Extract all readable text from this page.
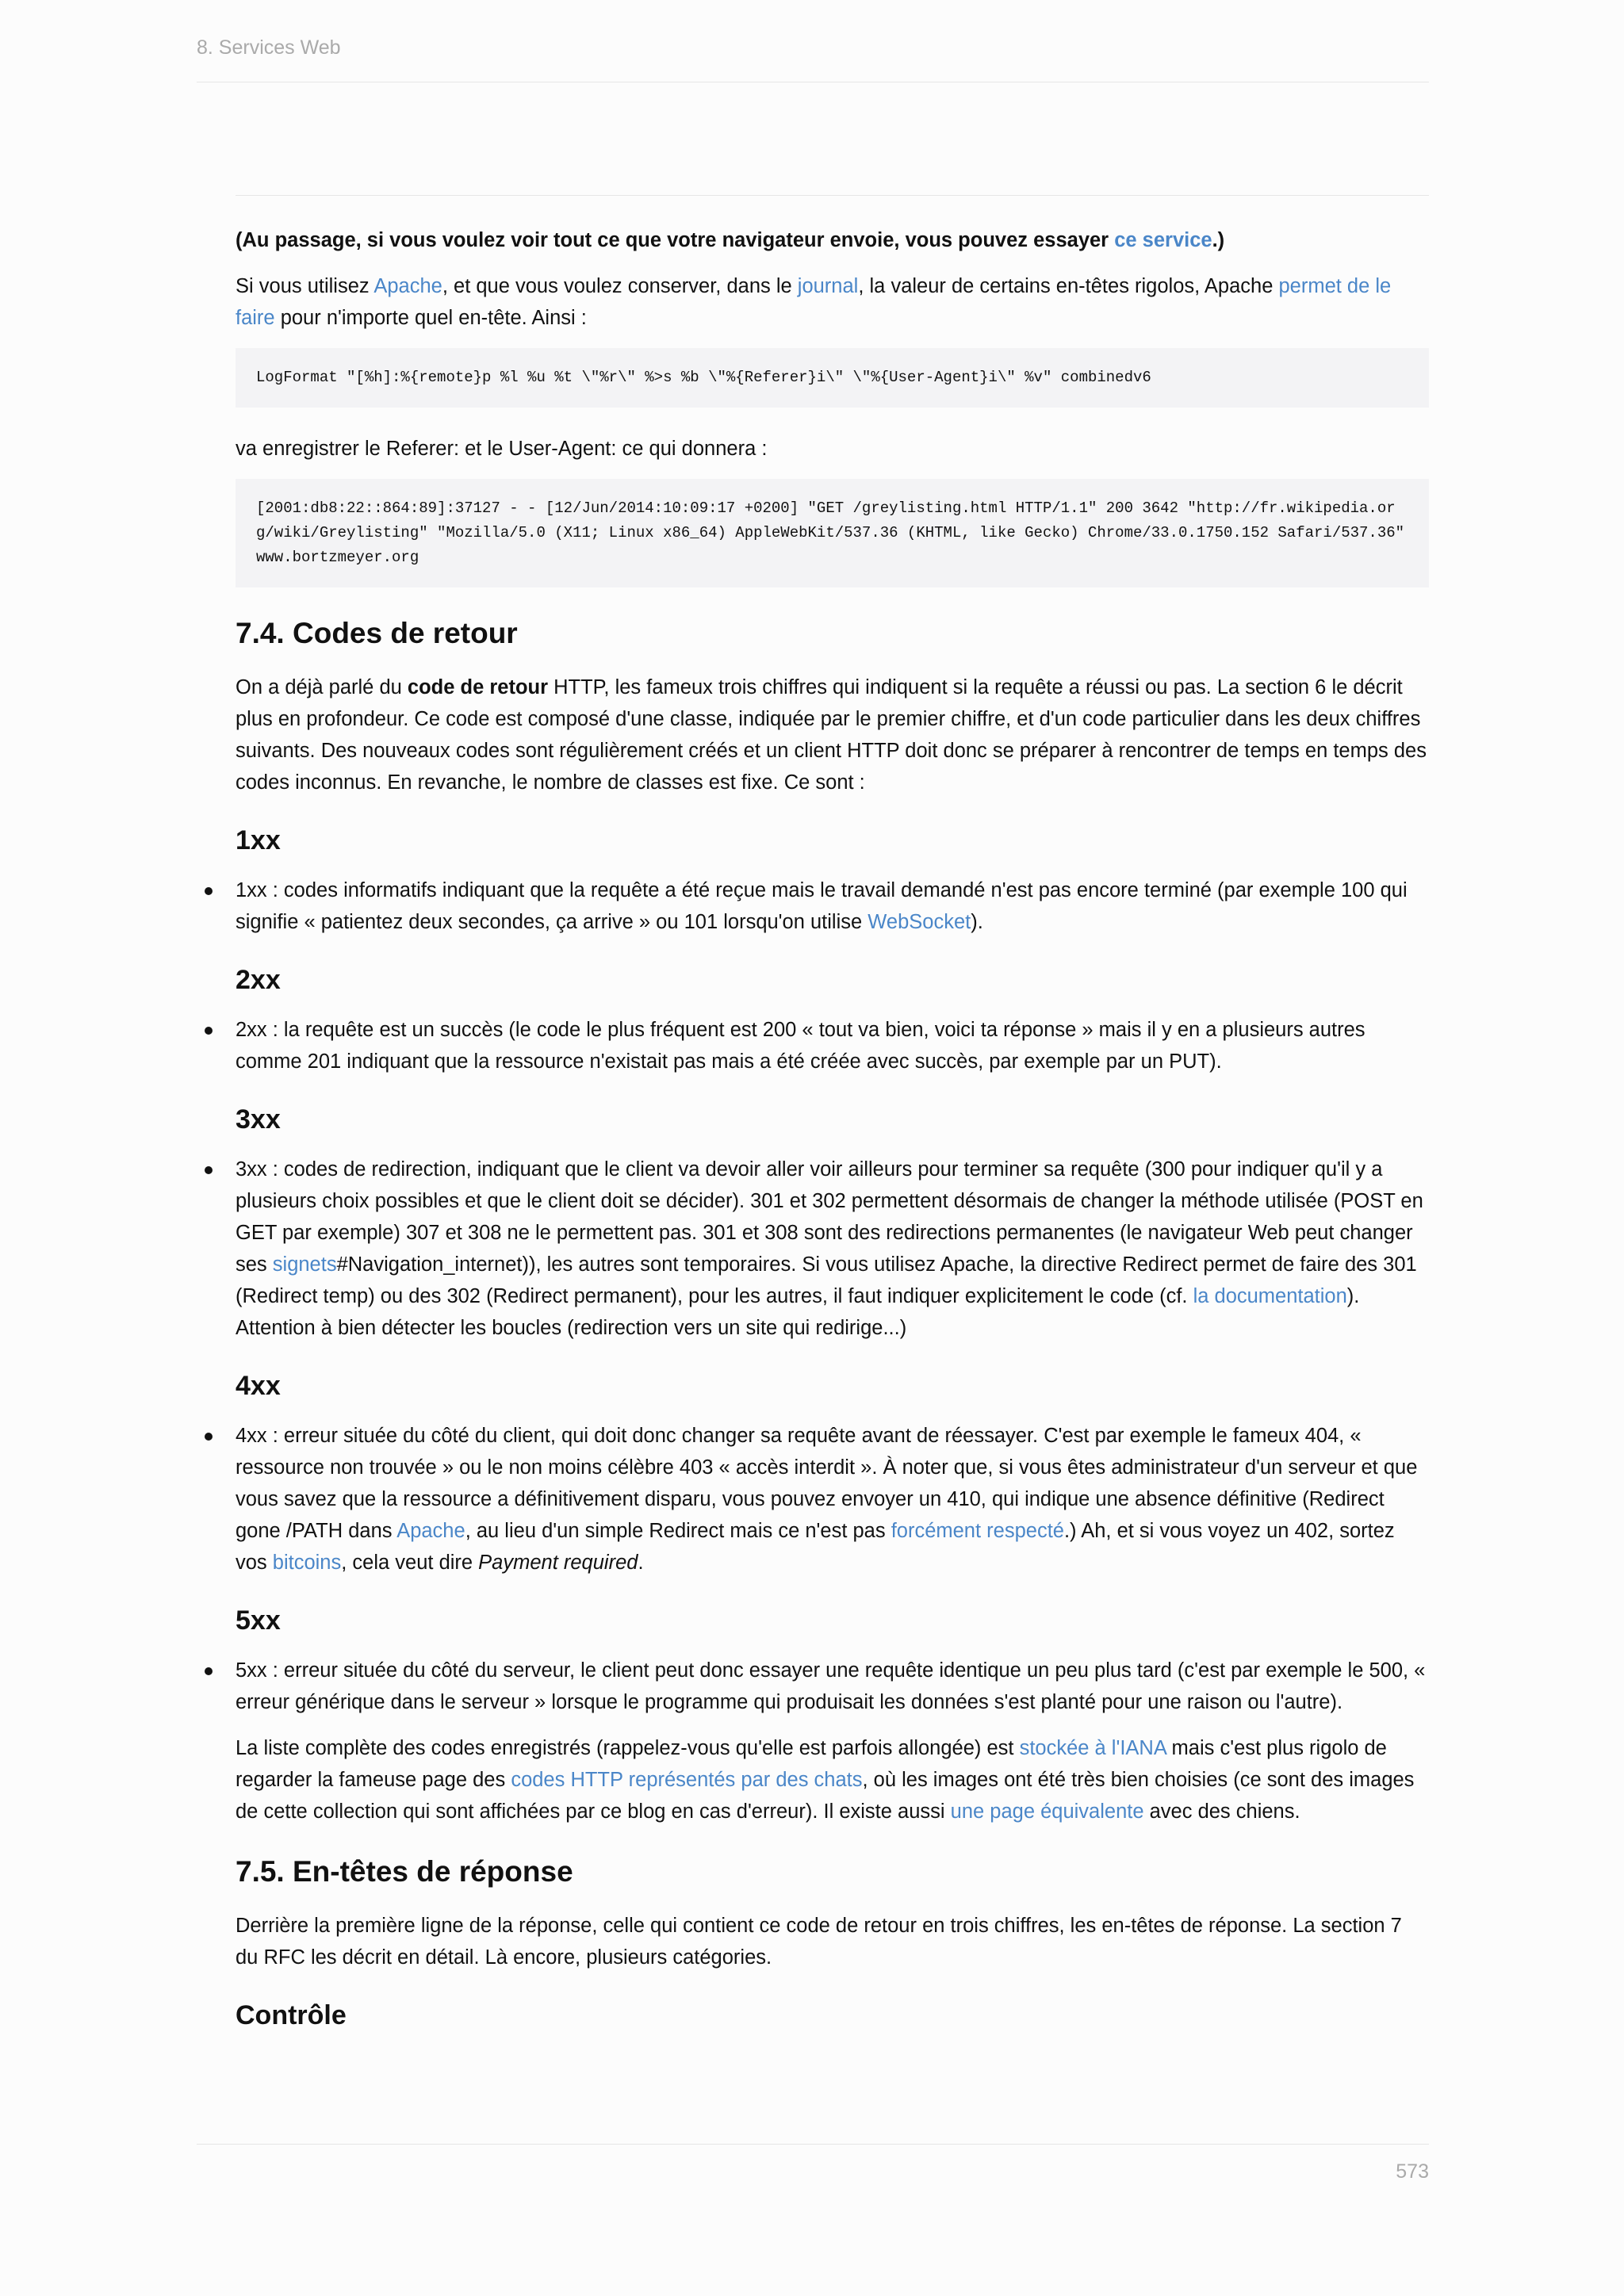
8. Services Web

(Au passage, si vous voulez voir tout ce que votre navigateur envoie, vous pouvez essayer ce service.)

Si vous utilisez Apache, et que vous voulez conserver, dans le journal, la valeur de certains en-têtes rigolos, Apache permet de le faire pour n'importe quel en-tête. Ainsi :

LogFormat "[%h]:%{remote}p %l %u %t \"%r\" %>s %b \"%{Referer}i\" \"%{User-Agent}i\" %v" combinedv6

va enregistrer le Referer: et le User-Agent: ce qui donnera :

[2001:db8:22::864:89]:37127 - - [12/Jun/2014:10:09:17 +0200] "GET /greylisting.html HTTP/1.1" 200 3642 "http://fr.wikipedia.org/wiki/Greylisting" "Mozilla/5.0 (X11; Linux x86_64) AppleWebKit/537.36 (KHTML, like Gecko) Chrome/33.0.1750.152 Safari/537.36" www.bortzmeyer.org
7.4. Codes de retour

On a déjà parlé du code de retour HTTP, les fameux trois chiffres qui indiquent si la requête a réussi ou pas. La section 6 le décrit plus en profondeur. Ce code est composé d'une classe, indiquée par le premier chiffre, et d'un code particulier dans les deux chiffres suivants. Des nouveaux codes sont régulièrement créés et un client HTTP doit donc se préparer à rencontrer de temps en temps des codes inconnus. En revanche, le nombre de classes est fixe. Ce sont :

1xx
1xx : codes informatifs indiquant que la requête a été reçue mais le travail demandé n'est pas encore terminé (par exemple 100 qui signifie « patientez deux secondes, ça arrive » ou 101 lorsqu'on utilise WebSocket).
2xx
2xx : la requête est un succès (le code le plus fréquent est 200 « tout va bien, voici ta réponse » mais il y en a plusieurs autres comme 201 indiquant que la ressource n'existait pas mais a été créée avec succès, par exemple par un PUT).
3xx
3xx : codes de redirection, indiquant que le client va devoir aller voir ailleurs pour terminer sa requête (300 pour indiquer qu'il y a plusieurs choix possibles et que le client doit se décider). 301 et 302 permettent désormais de changer la méthode utilisée (POST en GET par exemple) 307 et 308 ne le permettent pas. 301 et 308 sont des redirections permanentes (le navigateur Web peut changer ses signets#Navigation_internet)), les autres sont temporaires. Si vous utilisez Apache, la directive Redirect permet de faire des 301 (Redirect temp) ou des 302 (Redirect permanent), pour les autres, il faut indiquer explicitement le code (cf. la documentation). Attention à bien détecter les boucles (redirection vers un site qui redirige...)
4xx
4xx : erreur située du côté du client, qui doit donc changer sa requête avant de réessayer. C'est par exemple le fameux 404, « ressource non trouvée » ou le non moins célèbre 403 « accès interdit ». À noter que, si vous êtes administrateur d'un serveur et que vous savez que la ressource a définitivement disparu, vous pouvez envoyer un 410, qui indique une absence définitive (Redirect gone /PATH dans Apache, au lieu d'un simple Redirect mais ce n'est pas forcément respecté.) Ah, et si vous voyez un 402, sortez vos bitcoins, cela veut dire Payment required.
5xx
5xx : erreur située du côté du serveur, le client peut donc essayer une requête identique un peu plus tard (c'est par exemple le 500, « erreur générique dans le serveur » lorsque le programme qui produisait les données s'est planté pour une raison ou l'autre).

La liste complète des codes enregistrés (rappelez-vous qu'elle est parfois allongée) est stockée à l'IANA mais c'est plus rigolo de regarder la fameuse page des codes HTTP représentés par des chats, où les images ont été très bien choisies (ce sont des images de cette collection qui sont affichées par ce blog en cas d'erreur). Il existe aussi une page équivalente avec des chiens.

7.5. En-têtes de réponse

Derrière la première ligne de la réponse, celle qui contient ce code de retour en trois chiffres, les en-têtes de réponse. La section 7 du RFC les décrit en détail. Là encore, plusieurs catégories.

Contrôle
573
